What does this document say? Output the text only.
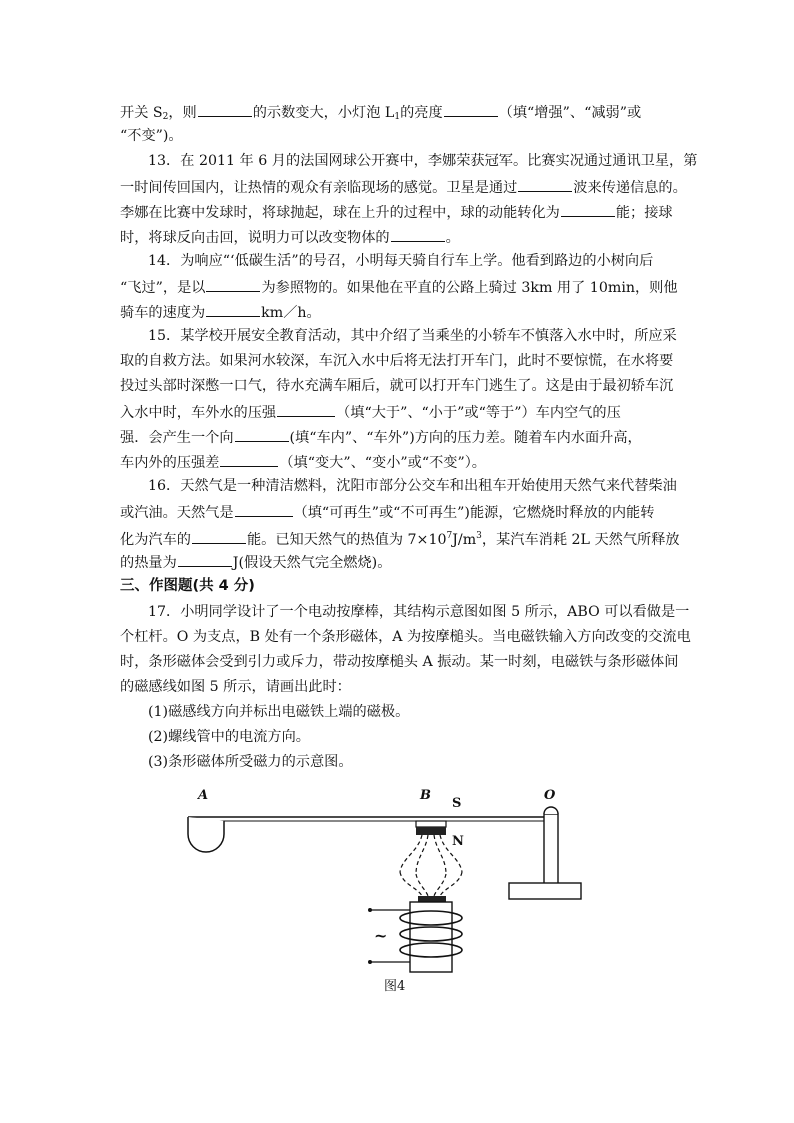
开关 $S_2$，则	的示数变大，小灯泡 $L_1$的亮度	（填“增强”、“减弱”或
“不变”)。
13．在 2011 年 6 月的法国网球公开赛中，李娜荣获冠军。比赛实况通过通讯卫星，第
一时间传回国内，让热情的观众有亲临现场的感觉。卫星是通过	波来传递信息的。
李娜在比赛中发球时，将球抛起，球在上升的过程中，球的动能转化为	能；接球
时，将球反向击回，说明力可以改变物体的	。
14．为响应“‘低碳生活”的号召，小明每天骑自行车上学。他看到路边的小树向后
“飞过”，是以	为参照物的。如果他在平直的公路上骑过 3km 用了 10min，则他
骑车的速度为	km／h。
15．某学校开展安全教育活动，其中介绍了当乘坐的小轿车不慎落入水中时，所应采
取的自救方法。如果河水较深，车沉入水中后将无法打开车门，此时不要惊慌，在水将要
投过头部时深憋一口气，待水充满车厢后，就可以打开车门逃生了。这是由于最初轿车沉
入水中时，车外水的压强	（填“大于”、“小于”或“等于”）车内空气的压
强．会产生一个向	(填“车内”、“车外”)方向的压力差。随着车内水面升高，
车内外的压强差	（填“变大”、“变小”或“不变”）。
16．天然气是一种清洁燃料，沈阳市部分公交车和出租车开始使用天然气来代替柴油
或汽油。天然气是	（填“可再生”或“不可再生”)能源，它燃烧时释放的内能转
化为汽车的	能。已知天然气的热值为 $7\times 10^7J/m^3$，某汽车消耗 2L 天然气所释放
的热量为	J(假设天然气完全燃烧)。
三、作图题(共 4 分)
17．小明同学设计了一个电动按摩棒，其结构示意图如图 5 所示，ABO 可以看做是一
个杠杆。O 为支点，B 处有一个条形磁体，A 为按摩槌头。当电磁铁输入方向改变的交流电
时，条形磁体会受到引力或斥力，带动按摩槌头 A 振动。某一时刻，电磁铁与条形磁体间
的磁感线如图 5 所示，请画出此时：
(1)磁感线方向并标出电磁铁上端的磁极。
(2)螺线管中的电流方向。
(3)条形磁体所受磁力的示意图。
A	B
S
N
O
~
图4
